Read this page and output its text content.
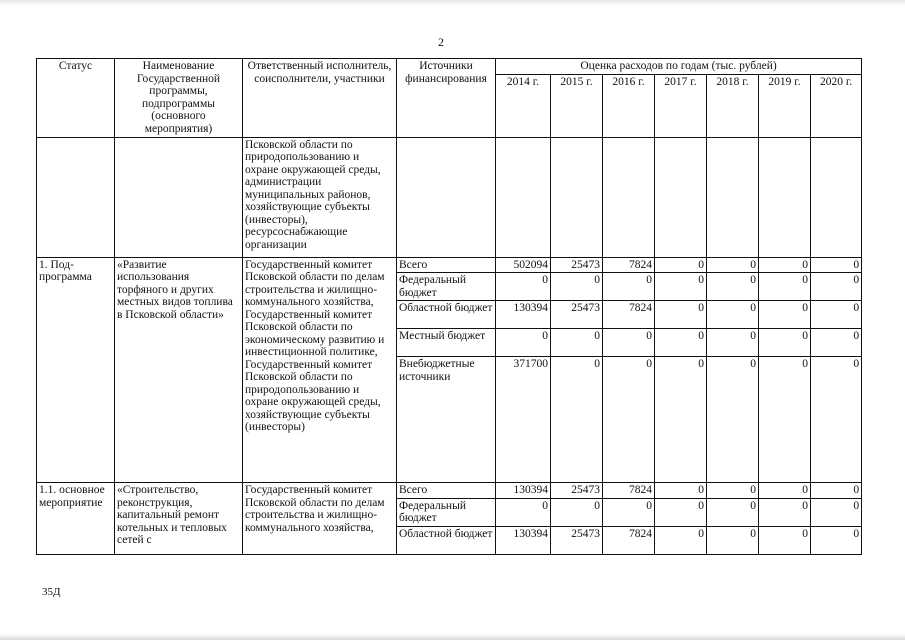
2
Статус	Наименование Государственной программы, подпрограммы (основного мероприятия)	Ответственный исполнитель, соисполнители, участники	Источники финансирования	Оценка расходов по годам (тыс. рублей)						
				2014 г.	2015 г.	2016 г.	2017 г.	2018 г.	2019 г.	2020 г.
		Псковской области по природопользованию и охране окружающей среды, администрации муниципальных районов, хозяйствующие субъекты (инвесторы), ресурсоснабжающие организации								
1. Под-программа	«Развитие использования торфяного и других местных видов топлива в Псковской области»	Государственный комитет Псковской области по делам строительства и жилищно-коммунального хозяйства, Государственный комитет Псковской области по экономическому развитию и инвестиционной политике, Государственный комитет Псковской области по природопользованию и охране окружающей среды, хозяйствующие субъекты (инвесторы)	Всего	502094	25473	7824	0	0	0	0
			Федеральный бюджет	0	0	0	0	0	0	0
			Областной бюджет	130394	25473	7824	0	0	0	0
			Местный бюджет	0	0	0	0	0	0	0
			Внебюджетные источники	371700	0	0	0	0	0	0
1.1. основное мероприятие	«Строительство, реконструкция, капитальный ремонт котельных и тепловых сетей с	Государственный комитет Псковской области по делам строительства и жилищно-коммунального хозяйства,	Всего	130394	25473	7824	0	0	0	0
			Федеральный бюджет	0	0	0	0	0	0	0
			Областной бюджет	130394	25473	7824	0	0	0	0
35Д
